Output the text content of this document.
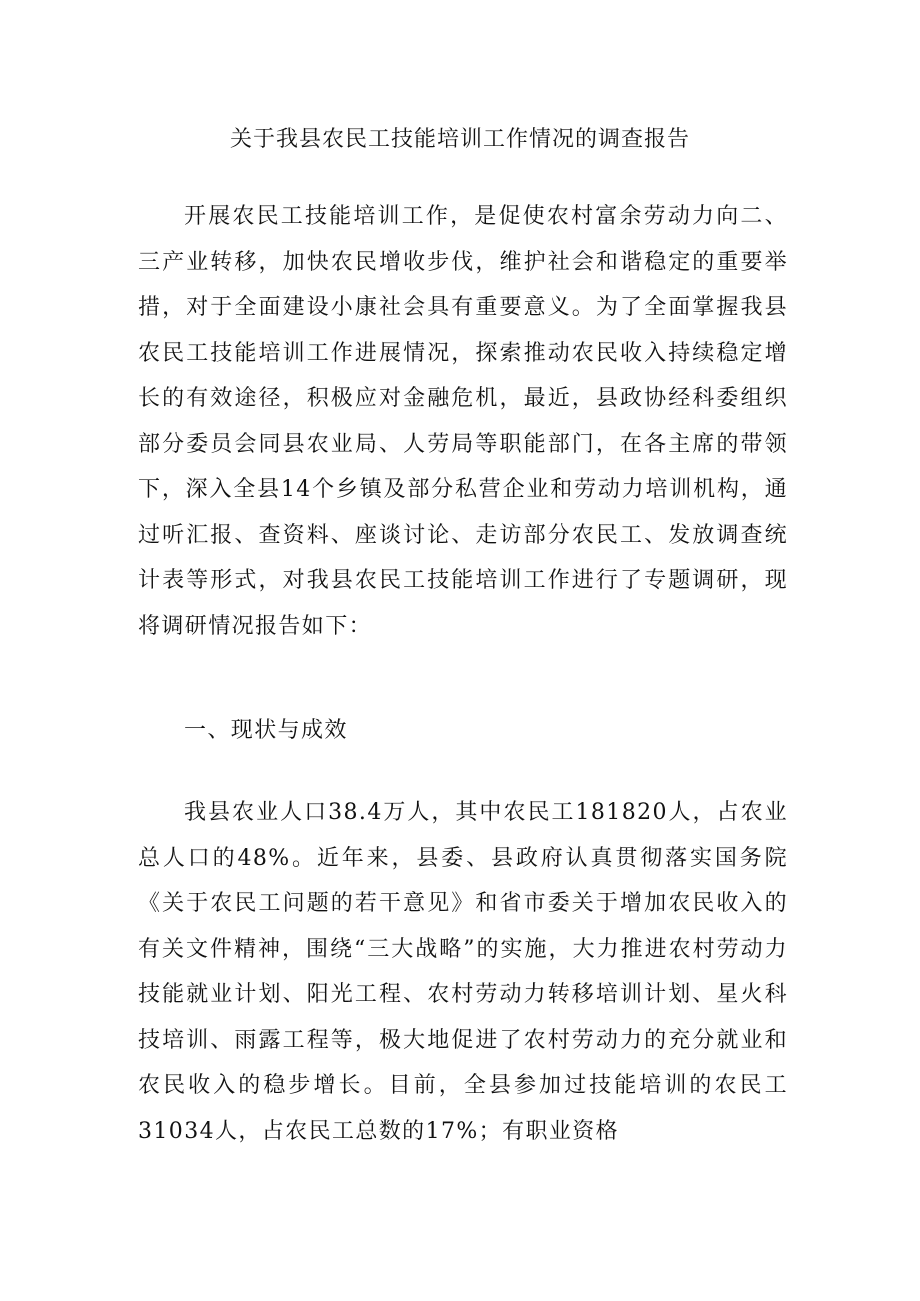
关于我县农民工技能培训工作情况的调查报告

开展农民工技能培训工作，是促使农村富余劳动力向二、三产业转移，加快农民增收步伐，维护社会和谐稳定的重要举措，对于全面建设小康社会具有重要意义。为了全面掌握我县农民工技能培训工作进展情况，探索推动农民收入持续稳定增长的有效途径，积极应对金融危机，最近，县政协经科委组织部分委员会同县农业局、人劳局等职能部门，在各主席的带领下，深入全县14个乡镇及部分私营企业和劳动力培训机构，通过听汇报、查资料、座谈讨论、走访部分农民工、发放调查统计表等形式，对我县农民工技能培训工作进行了专题调研，现将调研情况报告如下：

一、现状与成效

我县农业人口38.4万人，其中农民工181820人，占农业总人口的48%。近年来，县委、县政府认真贯彻落实国务院《关于农民工问题的若干意见》和省市委关于增加农民收入的有关文件精神，围绕“三大战略”的实施，大力推进农村劳动力技能就业计划、阳光工程、农村劳动力转移培训计划、星火科技培训、雨露工程等，极大地促进了农村劳动力的充分就业和农民收入的稳步增长。目前，全县参加过技能培训的农民工31034人，占农民工总数的17%；有职业资格
